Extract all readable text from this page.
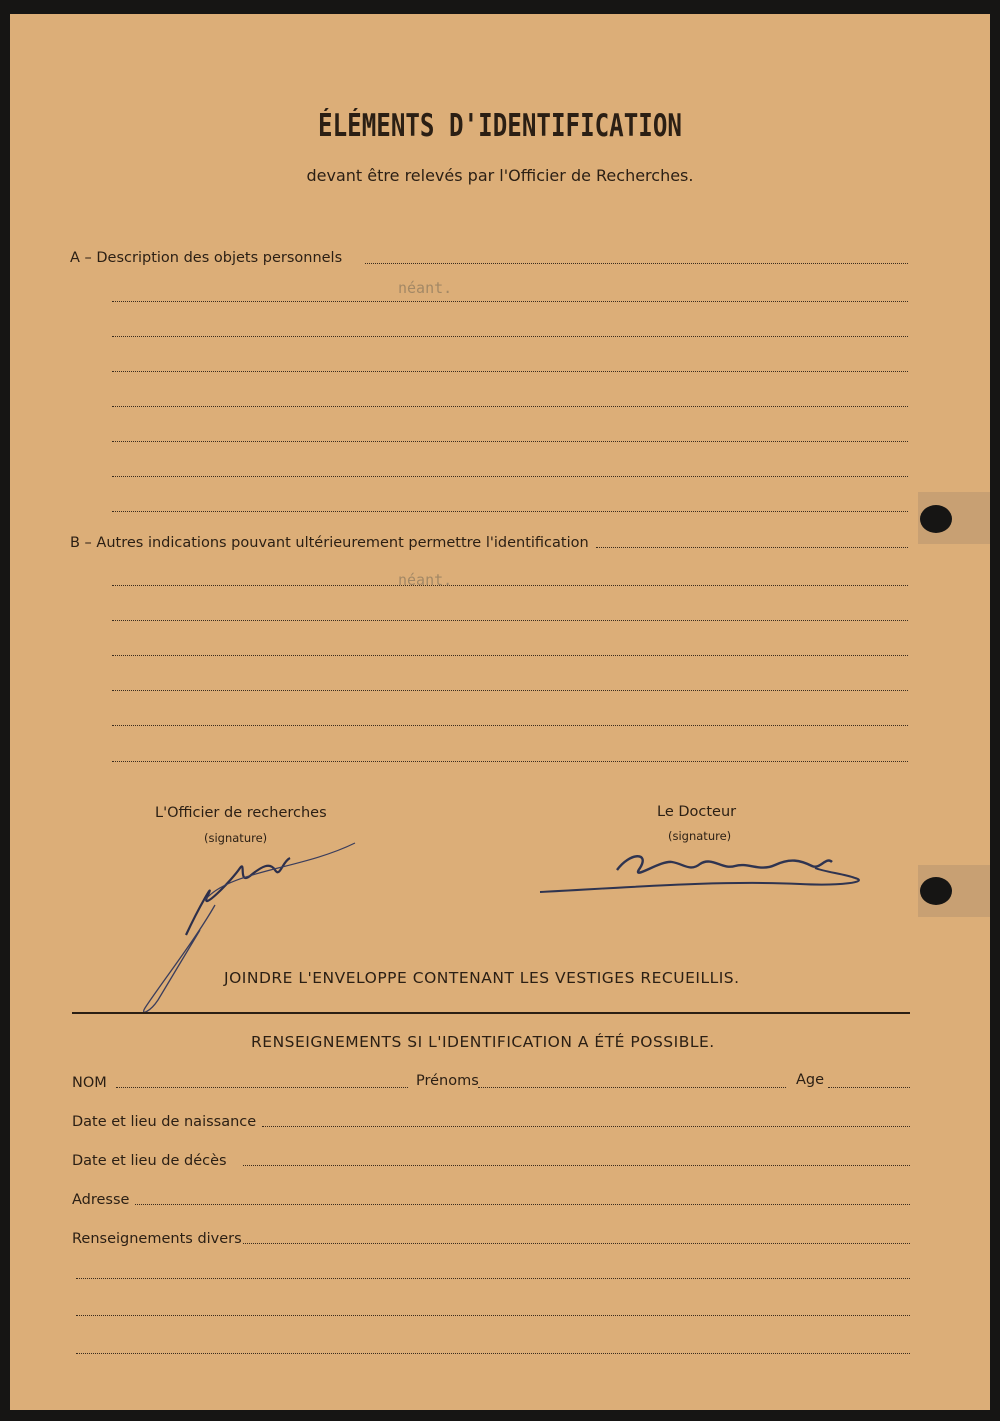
ÉLÉMENTS D'IDENTIFICATION
devant être relevés par l'Officier de Recherches.
A – Description des objets personnels
néant.
B – Autres indications pouvant ultérieurement permettre l'identification
néant.
L'Officier de recherches
(signature)
Le Docteur
(signature)
JOINDRE L'ENVELOPPE CONTENANT LES VESTIGES RECUEILLIS.
RENSEIGNEMENTS SI L'IDENTIFICATION A ÉTÉ POSSIBLE.
NOM	Prénoms	Age
Date et lieu de naissance
Date et lieu de décès
Adresse
Renseignements divers
